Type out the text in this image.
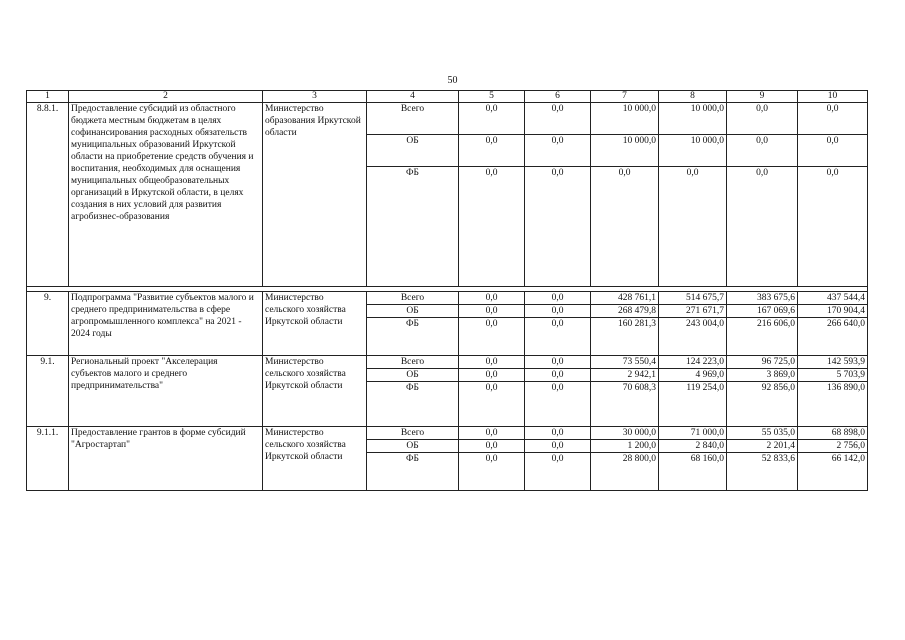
50
1	2	3	4	5	6	7	8	9	10
8.8.1.	Предоставление субсидий из областного бюджета местным бюджетам в целях софинансирования расходных обязательств муниципальных образований Иркутской области на приобретение средств обучения и воспитания, необходимых для оснащения муниципальных общеобразовательных организаций в Иркутской области, в целях создания в них условий для развития агробизнес-образования	Министерство образования Иркутской области	Всего	0,0	0,0	10 000,0	10 000,0	0,0	0,0
			ОБ	0,0	0,0	10 000,0	10 000,0	0,0	0,0
			ФБ	0,0	0,0	0,0	0,0	0,0	0,0

9.	Подпрограмма "Развитие субъектов малого и среднего предпринимательства в сфере агропромышленного комплекса" на 2021 - 2024 годы	Министерство сельского хозяйства Иркутской области	Всего	0,0	0,0	428 761,1	514 675,7	383 675,6	437 544,4
			ОБ	0,0	0,0	268 479,8	271 671,7	167 069,6	170 904,4
			ФБ	0,0	0,0	160 281,3	243 004,0	216 606,0	266 640,0
9.1.	Региональный проект "Акселерация субъектов малого и среднего предпринимательства"	Министерство сельского хозяйства Иркутской области	Всего	0,0	0,0	73 550,4	124 223,0	96 725,0	142 593,9
			ОБ	0,0	0,0	2 942,1	4 969,0	3 869,0	5 703,9
			ФБ	0,0	0,0	70 608,3	119 254,0	92 856,0	136 890,0
9.1.1.	Предоставление грантов в форме субсидий "Агростартап"	Министерство сельского хозяйства Иркутской области	Всего	0,0	0,0	30 000,0	71 000,0	55 035,0	68 898,0
			ОБ	0,0	0,0	1 200,0	2 840,0	2 201,4	2 756,0
			ФБ	0,0	0,0	28 800,0	68 160,0	52 833,6	66 142,0
